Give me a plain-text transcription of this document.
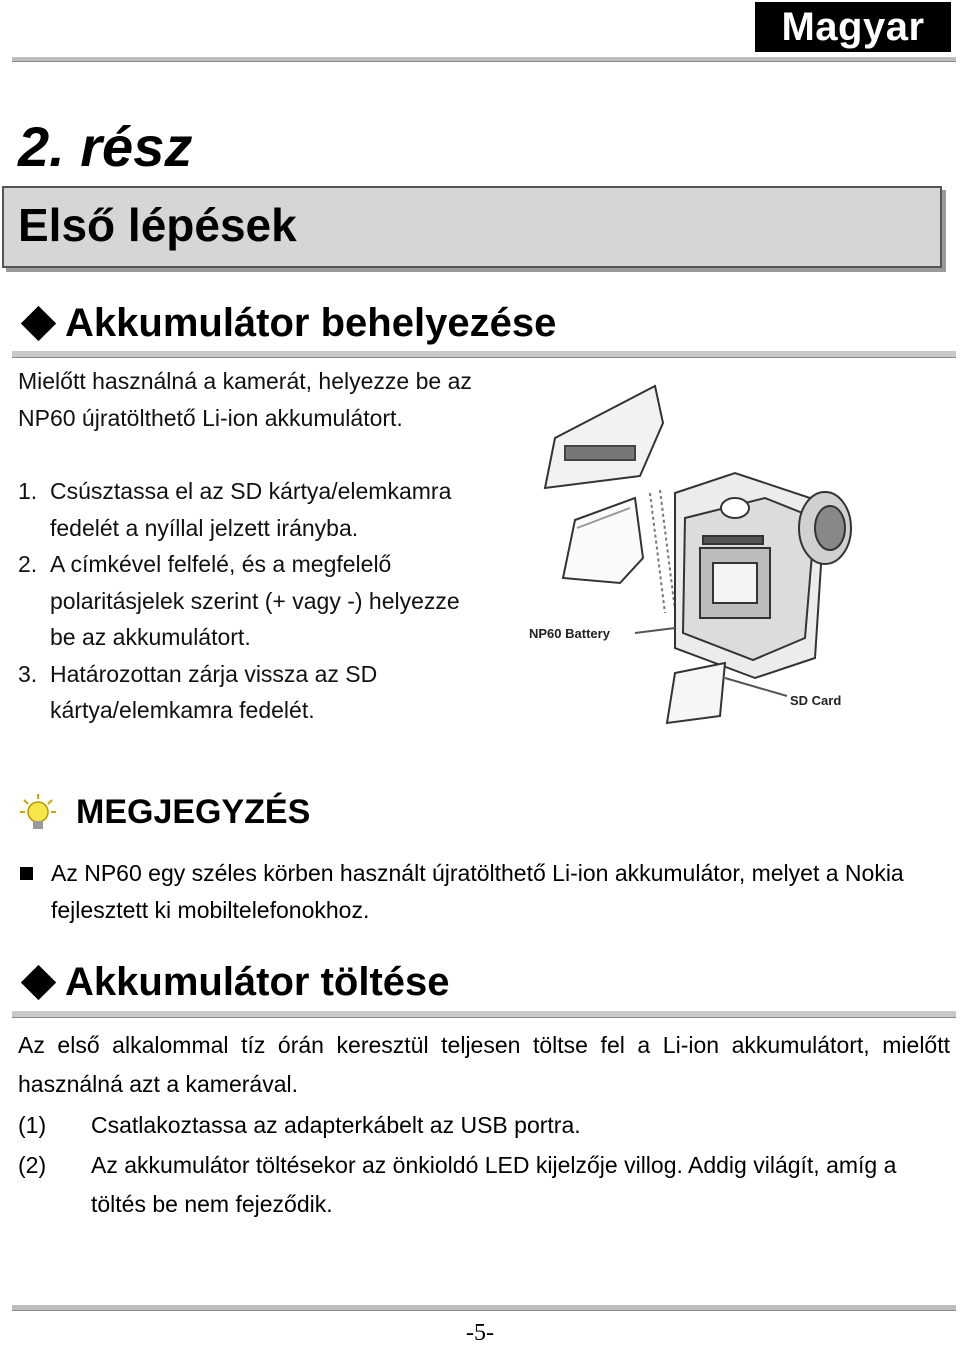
Magyar
2. rész
Első lépések
Akkumulátor behelyezése
Mielőtt használná a kamerát, helyezze be az NP60 újratölthető Li-ion akkumulátort.
1. Csúsztassa el az SD kártya/elemkamra fedelét a nyíllal jelzett irányba.
2. A címkével felfelé, és a megfelelő polaritásjelek szerint (+ vagy -) helyezze be az akkumulátort.
3. Határozottan zárja vissza az SD kártya/elemkamra fedelét.
NP60 Battery
SD Card
MEGJEGYZÉS
Az NP60 egy széles körben használt újratölthető Li-ion akkumulátor, melyet a Nokia fejlesztett ki mobiltelefonokhoz.
Akkumulátor töltése
Az első alkalommal tíz órán keresztül teljesen töltse fel a Li-ion akkumulátort, mielőtt használná azt a kamerával.
(1) Csatlakoztassa az adapterkábelt az USB portra.
(2) Az akkumulátor töltésekor az önkioldó LED kijelzője villog. Addig világít, amíg a töltés be nem fejeződik.
-5-
